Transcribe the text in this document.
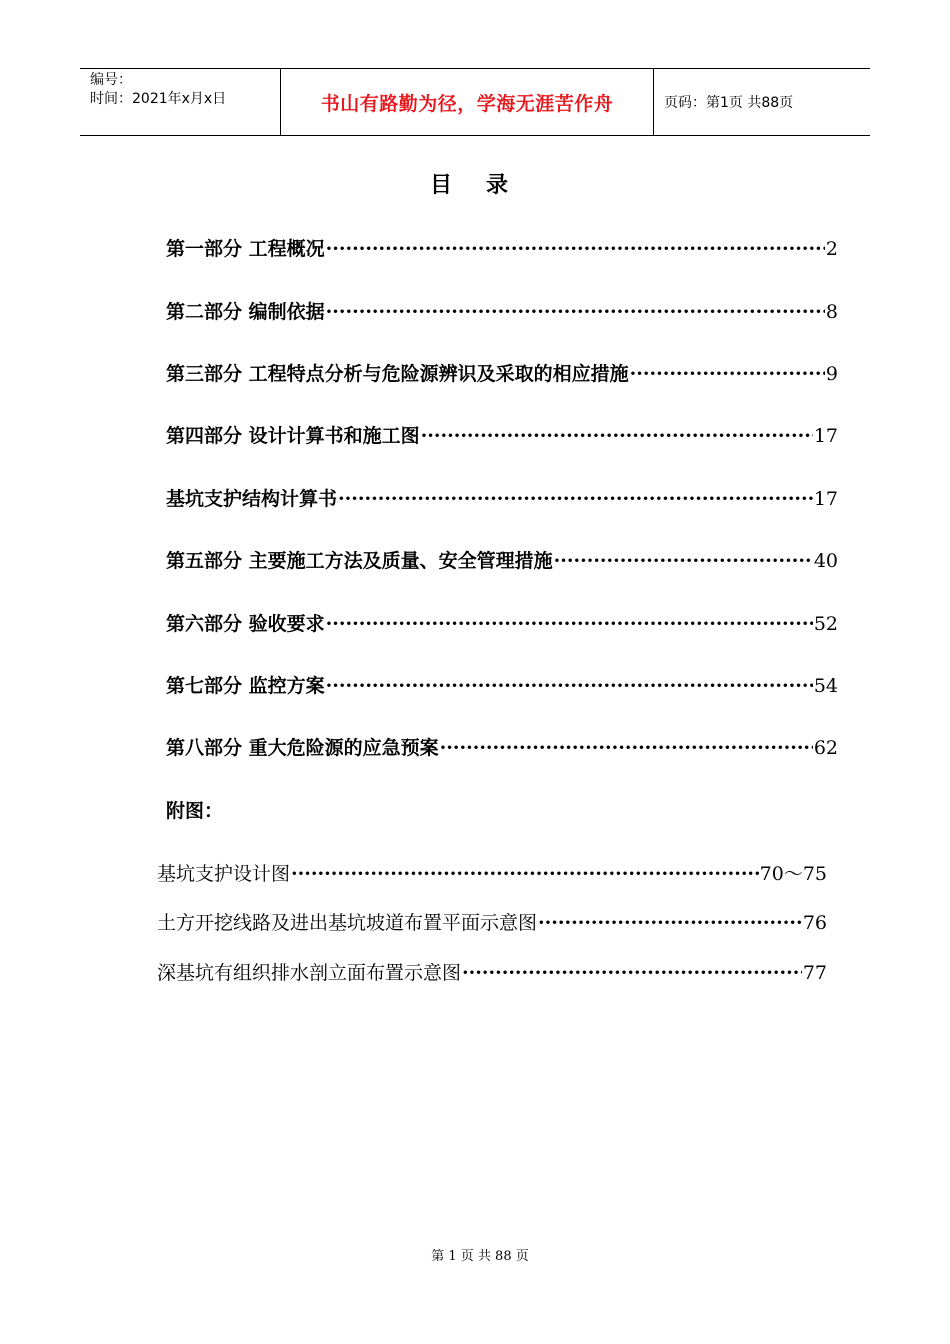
编号：
时间：2021年x月x日	书山有路勤为径，学海无涯苦作舟	页码：第1页 共88页
目录
第一部分 工程概况 ·····	2
第二部分 编制依据 ·····	8
第三部分 工程特点分析与危险源辨识及采取的相应措施 ·····	9
第四部分 设计计算书和施工图 ·····	17
基坑支护结构计算书 ·····	17
第五部分 主要施工方法及质量、安全管理措施 ·····	40
第六部分 验收要求 ·····	52
第七部分 监控方案 ·····	54
第八部分 重大危险源的应急预案 ·····	62
附图：
基坑支护设计图 ·····	70～75
土方开挖线路及进出基坑坡道布置平面示意图 ·····	76
深基坑有组织排水剖立面布置示意图 ·····	77
第 1 页 共 88 页
